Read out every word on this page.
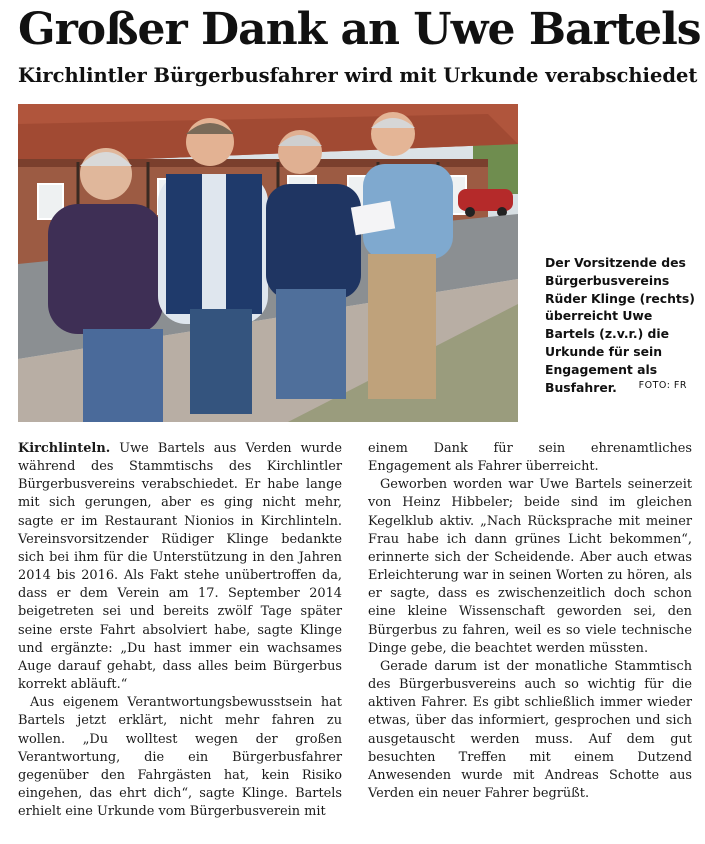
Großer Dank an Uwe Bartels
Kirchlintler Bürgerbusfahrer wird mit Urkunde verabschiedet
Der Vorsitzende des Bürgerbusvereins Rüder Klinge (rechts) überreicht Uwe Bartels (z.v.r.) die Urkunde für sein Engagement als Busfahrer. FOTO: FR

Kirchlinteln. Uwe Bartels aus Verden wurde während des Stammtischs des Kirchlintler Bürgerbusvereins verabschiedet. Er habe lange mit sich gerungen, aber es ging nicht mehr, sagte er im Restaurant Nionios in Kirchlinteln. Vereinsvorsitzender Rüdiger Klinge bedankte sich bei ihm für die Unterstützung in den Jahren 2014 bis 2016. Als Fakt stehe unübertroffen da, dass er dem Verein am 17. September 2014 beigetreten sei und bereits zwölf Tage später seine erste Fahrt absolviert habe, sagte Klinge und ergänzte: „Du hast immer ein wachsames Auge darauf gehabt, dass alles beim Bürgerbus korrekt abläuft.“

Aus eigenem Verantwortungsbewusstsein hat Bartels jetzt erklärt, nicht mehr fahren zu wollen. „Du wolltest wegen der großen Verantwortung, die ein Bürgerbusfahrer gegenüber den Fahrgästen hat, kein Risiko eingehen, das ehrt dich“, sagte Klinge. Bartels erhielt eine Urkunde vom Bürgerbusverein mit

einem Dank für sein ehrenamtliches Engagement als Fahrer überreicht.

Geworben worden war Uwe Bartels seinerzeit von Heinz Hibbeler; beide sind im gleichen Kegelklub aktiv. „Nach Rücksprache mit meiner Frau habe ich dann grünes Licht bekommen“, erinnerte sich der Scheidende. Aber auch etwas Erleichterung war in seinen Worten zu hören, als er sagte, dass es zwischenzeitlich doch schon eine kleine Wissenschaft geworden sei, den Bürgerbus zu fahren, weil es so viele technische Dinge gebe, die beachtet werden müssten.

Gerade darum ist der monatliche Stammtisch des Bürgerbusvereins auch so wichtig für die aktiven Fahrer. Es gibt schließlich immer wieder etwas, über das informiert, gesprochen und sich ausgetauscht werden muss. Auf dem gut besuchten Treffen mit einem Dutzend Anwesenden wurde mit Andreas Schotte aus Verden ein neuer Fahrer begrüßt.
